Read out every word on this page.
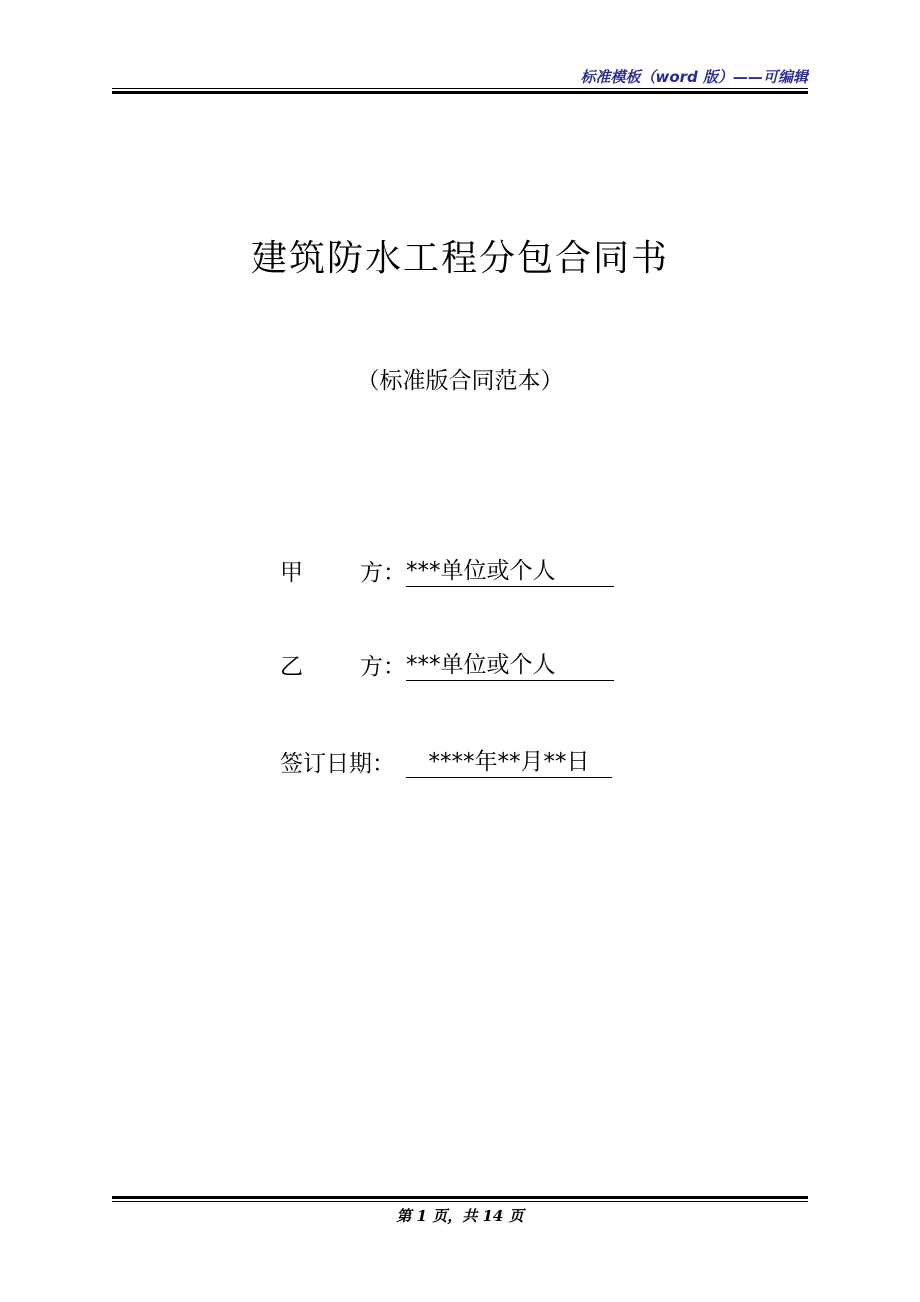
标准模板（word 版）——可编辑
建筑防水工程分包合同书
（标准版合同范本）
甲 方： ***单位或个人
乙 方： ***单位或个人
签订日期：	****年**月**日
第 1 页，共 14 页
